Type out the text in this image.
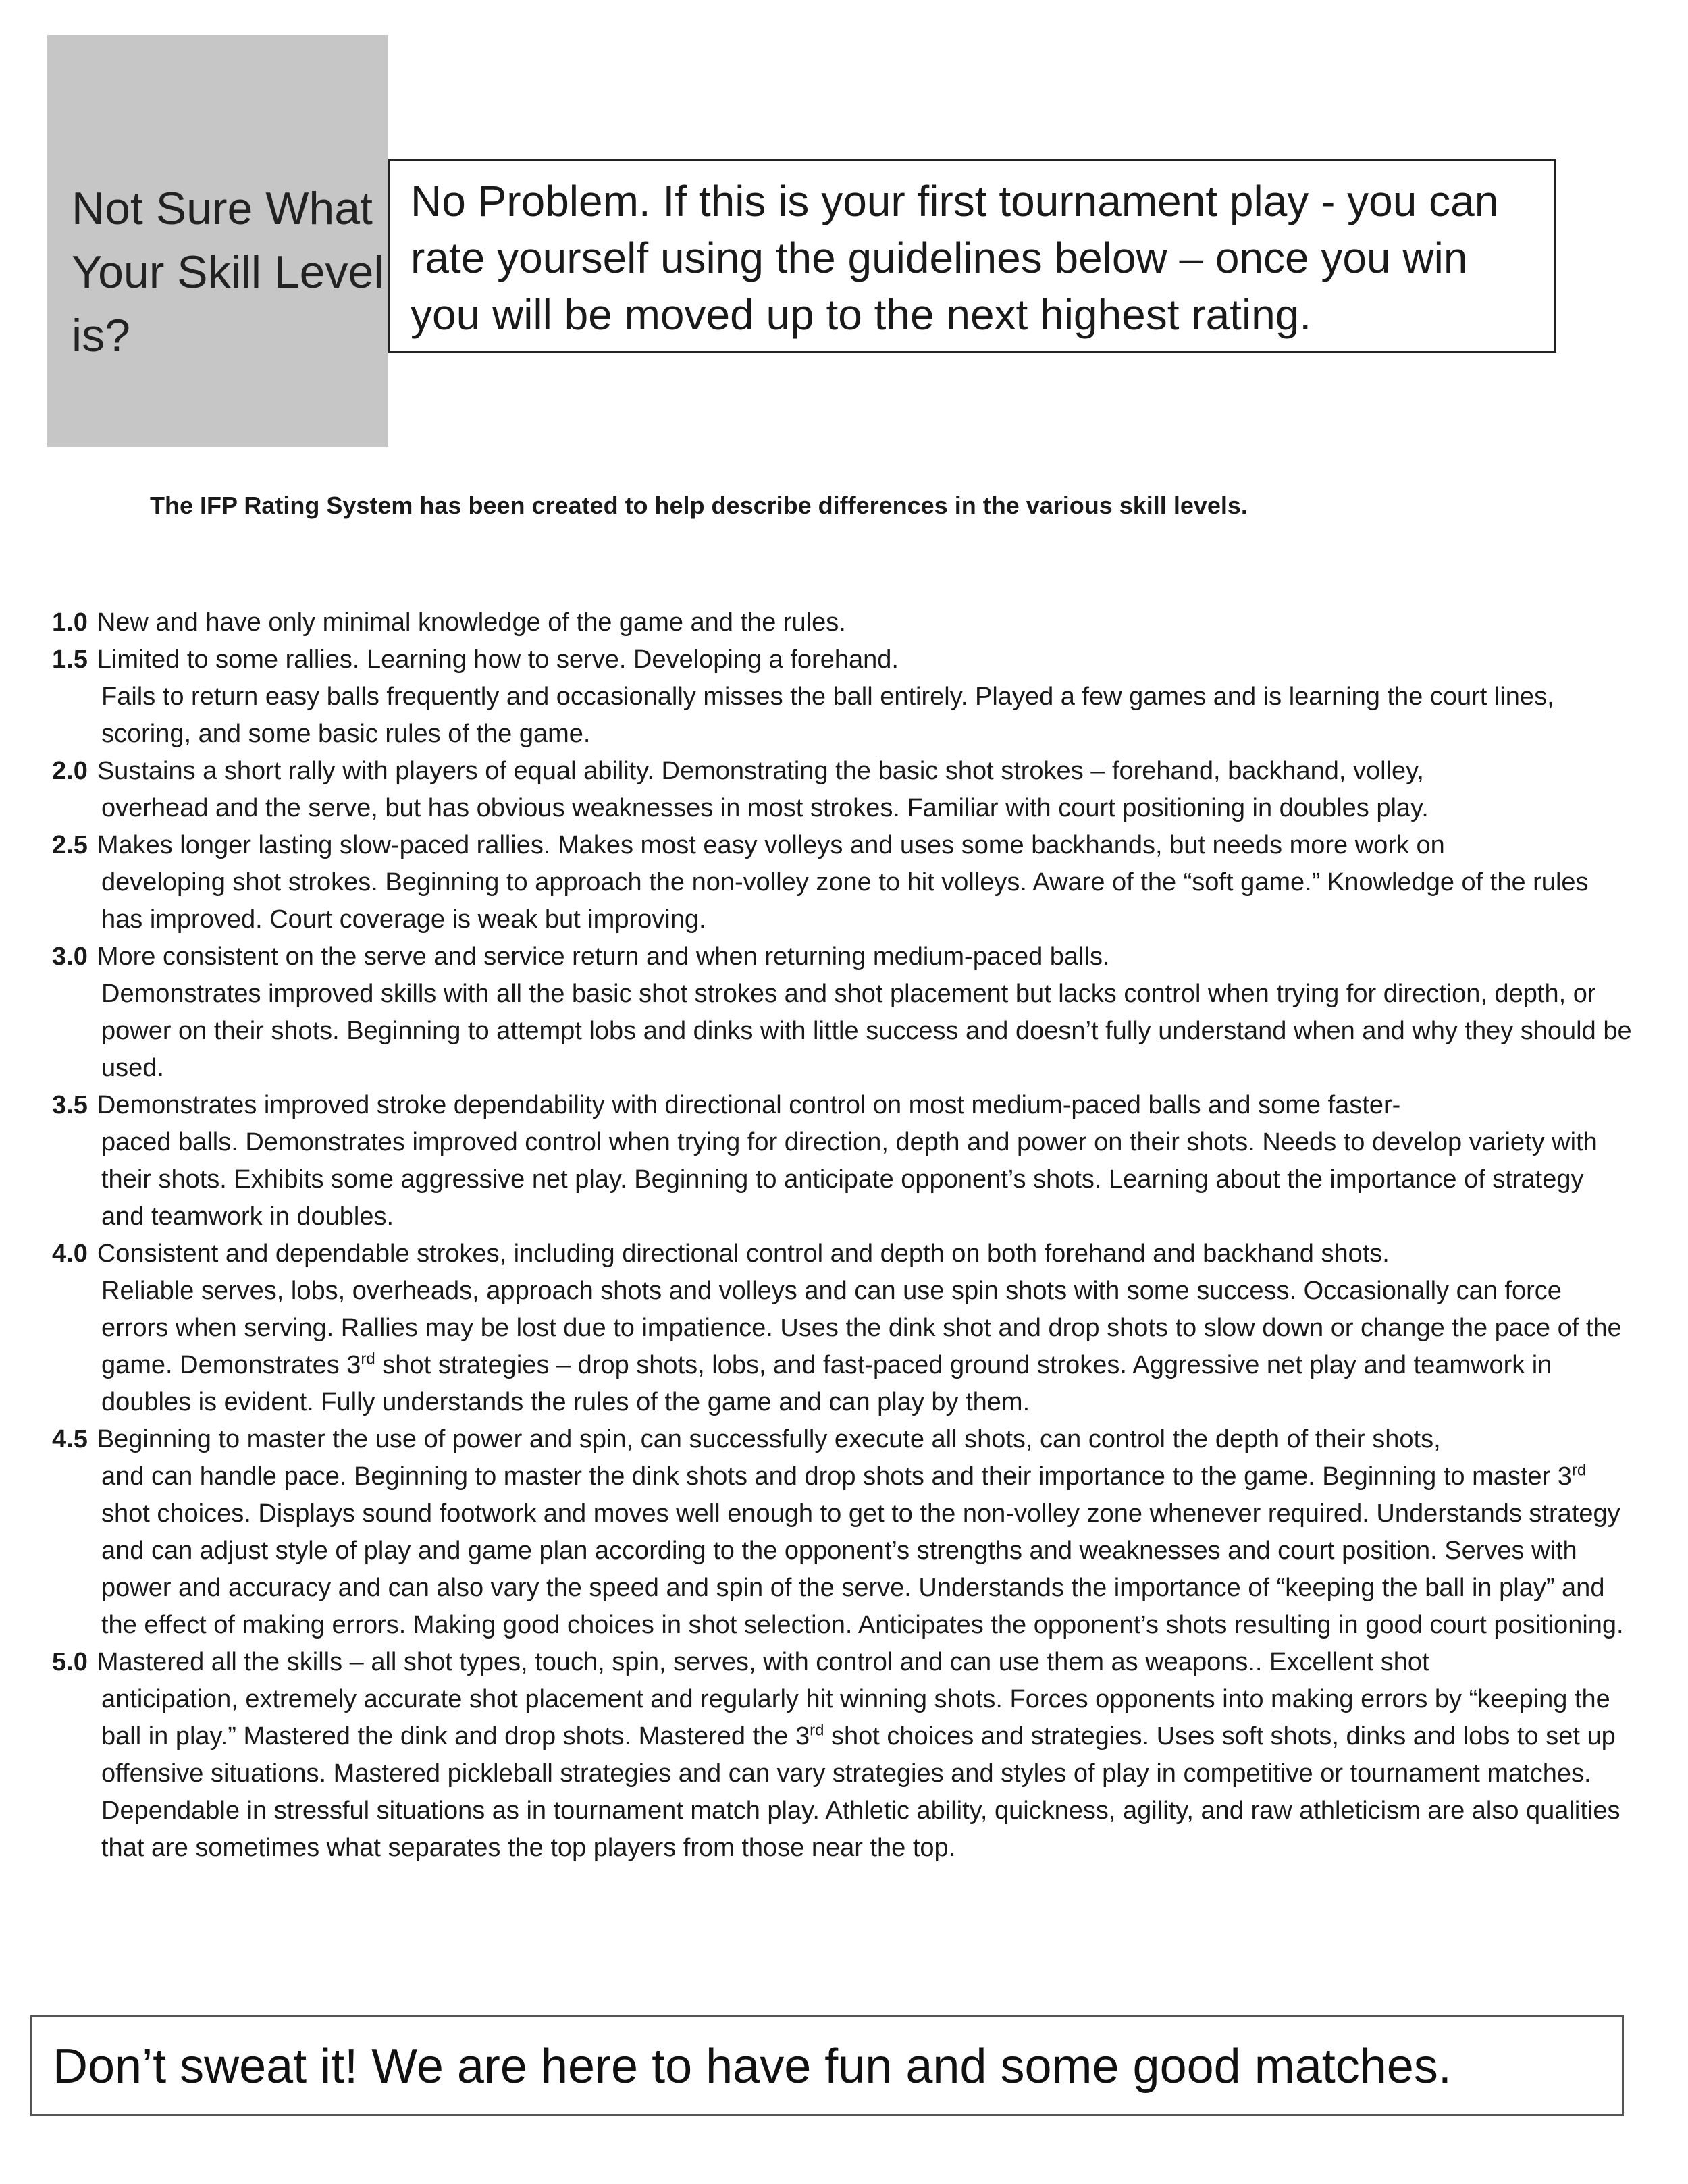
Not Sure What Your Skill Level is?
No Problem. If this is your first tournament play - you can rate yourself using the guidelines below – once you win you will be moved up to the next highest rating.
The IFP Rating System has been created to help describe differences in the various skill levels.
1.0 New and have only minimal knowledge of the game and the rules.
1.5 Limited to some rallies. Learning how to serve. Developing a forehand.
Fails to return easy balls frequently and occasionally misses the ball entirely. Played a few games and is learning the court lines, scoring, and some basic rules of the game.
2.0 Sustains a short rally with players of equal ability. Demonstrating the basic shot strokes – forehand, backhand, volley,
overhead and the serve, but has obvious weaknesses in most strokes. Familiar with court positioning in doubles play.
2.5 Makes longer lasting slow-paced rallies. Makes most easy volleys and uses some backhands, but needs more work on
developing shot strokes. Beginning to approach the non-volley zone to hit volleys. Aware of the “soft game.” Knowledge of the rules has improved. Court coverage is weak but improving.
3.0 More consistent on the serve and service return and when returning medium-paced balls.
Demonstrates improved skills with all the basic shot strokes and shot placement but lacks control when trying for direction, depth, or power on their shots. Beginning to attempt lobs and dinks with little success and doesn’t fully understand when and why they should be used.
3.5 Demonstrates improved stroke dependability with directional control on most medium-paced balls and some faster-
paced balls. Demonstrates improved control when trying for direction, depth and power on their shots. Needs to develop variety with their shots. Exhibits some aggressive net play. Beginning to anticipate opponent’s shots. Learning about the importance of strategy and teamwork in doubles.
4.0 Consistent and dependable strokes, including directional control and depth on both forehand and backhand shots.
Reliable serves, lobs, overheads, approach shots and volleys and can use spin shots with some success. Occasionally can force errors when serving. Rallies may be lost due to impatience. Uses the dink shot and drop shots to slow down or change the pace of the game. Demonstrates 3rd shot strategies – drop shots, lobs, and fast-paced ground strokes. Aggressive net play and teamwork in doubles is evident. Fully understands the rules of the game and can play by them.
4.5 Beginning to master the use of power and spin, can successfully execute all shots, can control the depth of their shots,
and can handle pace. Beginning to master the dink shots and drop shots and their importance to the game. Beginning to master 3rd shot choices. Displays sound footwork and moves well enough to get to the non-volley zone whenever required. Understands strategy and can adjust style of play and game plan according to the opponent’s strengths and weaknesses and court position. Serves with power and accuracy and can also vary the speed and spin of the serve. Understands the importance of “keeping the ball in play” and the effect of making errors. Making good choices in shot selection. Anticipates the opponent’s shots resulting in good court positioning.
5.0 Mastered all the skills – all shot types, touch, spin, serves, with control and can use them as weapons.. Excellent shot
anticipation, extremely accurate shot placement and regularly hit winning shots. Forces opponents into making errors by “keeping the ball in play.” Mastered the dink and drop shots. Mastered the 3rd shot choices and strategies. Uses soft shots, dinks and lobs to set up offensive situations. Mastered pickleball strategies and can vary strategies and styles of play in competitive or tournament matches. Dependable in stressful situations as in tournament match play. Athletic ability, quickness, agility, and raw athleticism are also qualities that are sometimes what separates the top players from those near the top.
Don’t sweat it! We are here to have fun and some good matches.
